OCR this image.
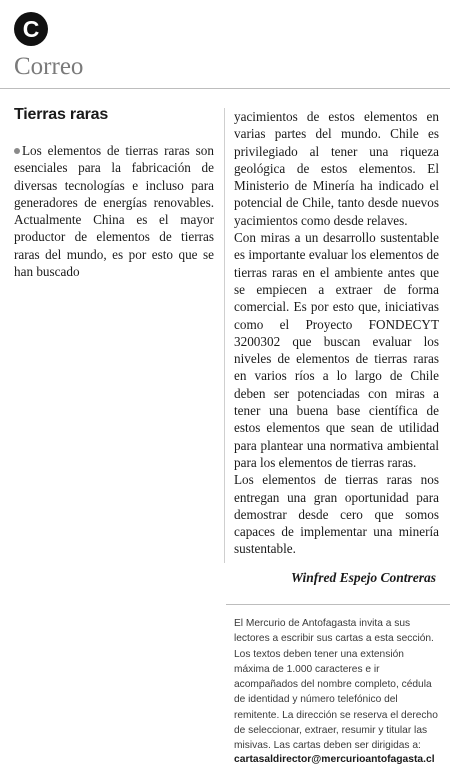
C
Correo
Tierras raras

Los elementos de tierras raras son esenciales para la fabricación de diversas tecnologías e incluso para generadores de energías renovables. Actualmente China es el mayor productor de elementos de tierras raras del mundo, es por esto que se han buscado

yacimientos de estos elementos en varias partes del mundo. Chile es privilegiado al tener una riqueza geológica de estos elementos. El Ministerio de Minería ha indicado el potencial de Chile, tanto desde nuevos yacimientos como desde relaves.

Con miras a un desarrollo sustentable es importante evaluar los elementos de tierras raras en el ambiente antes que se empiecen a extraer de forma comercial. Es por esto que, iniciativas como el Proyecto FONDECYT 3200302 que buscan evaluar los niveles de elementos de tierras raras en varios ríos a lo largo de Chile deben ser potenciadas con miras a tener una buena base científica de estos elementos que sean de utilidad para plantear una normativa ambiental para los elementos de tierras raras.

Los elementos de tierras raras nos entregan una gran oportunidad para demostrar desde cero que somos capaces de implementar una minería sustentable.

Winfred Espejo Contreras

El Mercurio de Antofagasta invita a sus lectores a escribir sus cartas a esta sección. Los textos deben tener una extensión máxima de 1.000 caracteres e ir acompañados del nombre completo, cédula de identidad y número telefónico del remitente. La dirección se reserva el derecho de seleccionar, extraer, resumir y titular las misivas. Las cartas deben ser dirigidas a:

cartasaldirector@mercurioantofagasta.cl
